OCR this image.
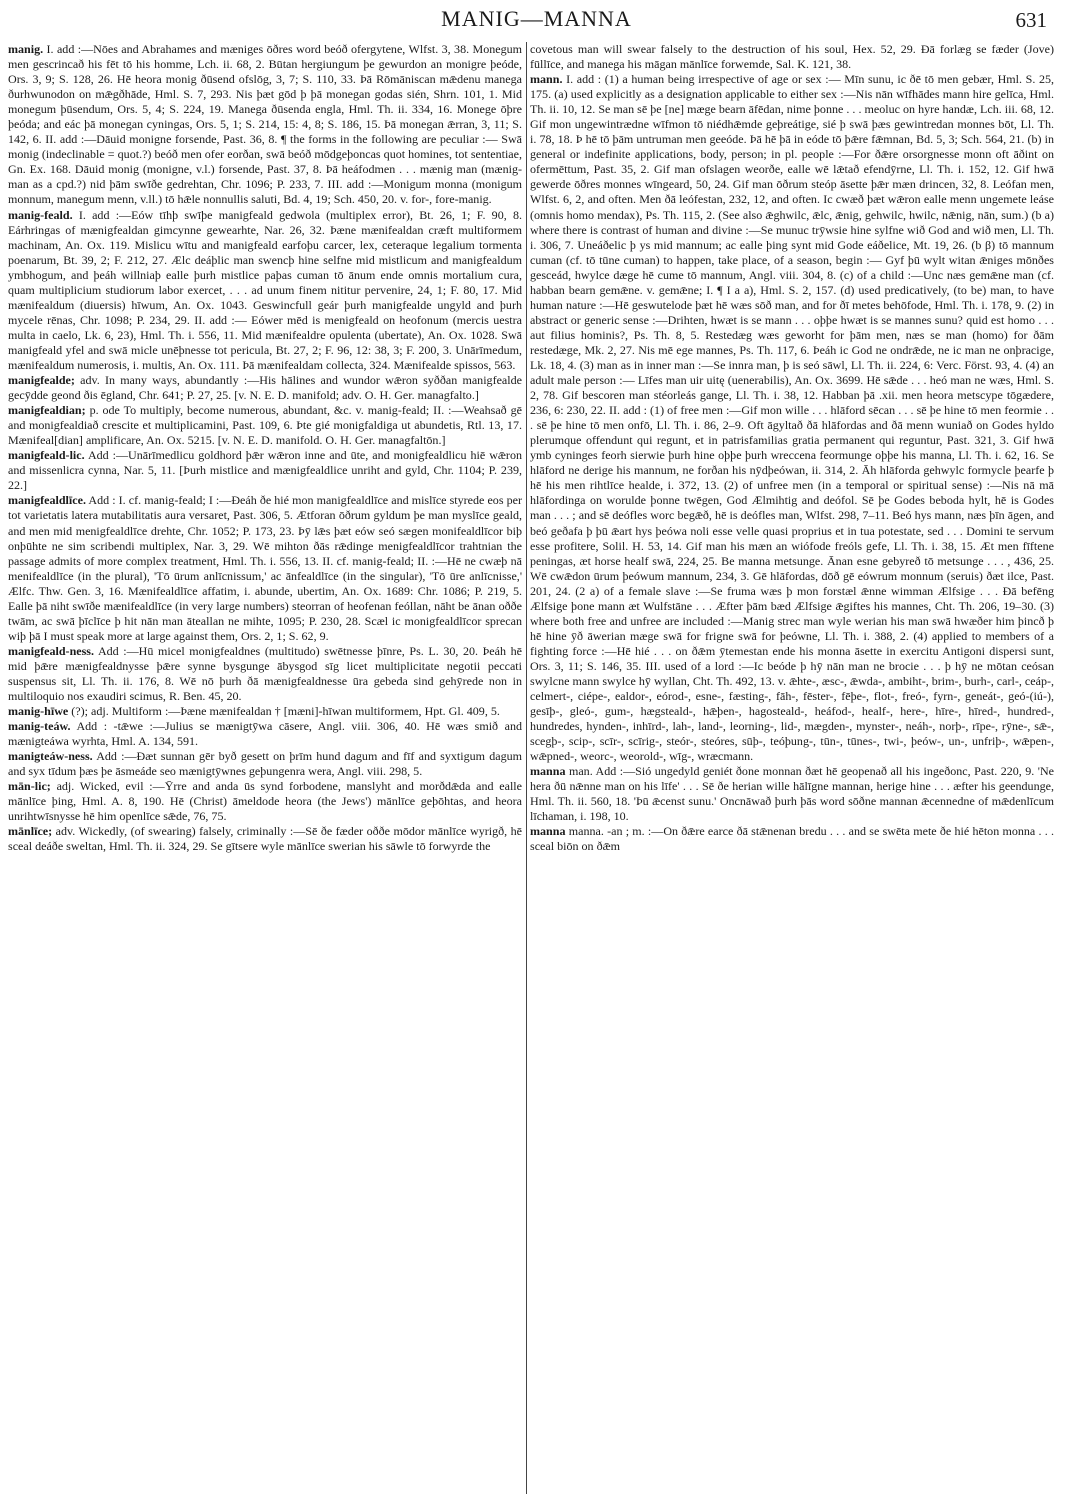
MANIG—MANNA	631

manig. I. add :—Nōes and Abrahames and mæniges ōðres word beóð ofergytene, Wlfst. 3, 38. Monegum men gescrincað his fēt tō his homme, Lch. ii. 68, 2. Būtan hergiungum þe gewurdon an monigre þeóde, Ors. 3, 9; S. 128, 26. Hē heora monig ðūsend ofslōg, 3, 7; S. 110, 33. Þā Rōmāniscan mǣdenu manega ðurhwunodon on mǣgðhāde, Hml. S. 7, 293. Nis þæt gōd þ þā monegan godas sién, Shrn. 101, 1. Mid monegum þūsendum, Ors. 5, 4; S. 224, 19. Manega ðūsenda engla, Hml. Th. ii. 334, 16. Monege ōþre þeóda; and eác þā monegan cyningas, Ors. 5, 1; S. 214, 15: 4, 8; S. 186, 15. Þā monegan ǣrran, 3, 11; S. 142, 6. II. add :—Dāuid monigne forsende, Past. 36, 8. ¶ the forms in the following are peculiar :— Swā monig (indeclinable = quot.?) beóð men ofer eorðan, swā beóð mōdgeþoncas quot homines, tot sententiae, Gn. Ex. 168. Dāuid monig (monigne, v.l.) forsende, Past. 37, 8. Þā heáfodmen . . . mænig man (mænig-man as a cpd.?) nid þām swīðe gedrehtan, Chr. 1096; P. 233, 7. III. add :—Monigum monna (monigum monnum, manegum menn, v.ll.) tō hǣle nonnullis saluti, Bd. 4, 19; Sch. 450, 20. v. for-, fore-manig.

manig-feald. I. add :—Eów tīhþ swīþe manigfeald gedwola (multiplex error), Bt. 26, 1; F. 90, 8. Eárhringas of mænigfealdan gimcynne gewearhte, Nar. 26, 32. Þæne mænifealdan cræft multiformem machinam, An. Ox. 119. Mislicu wītu and manigfeald earfoþu carcer, lex, ceteraque legalium tormenta poenarum, Bt. 39, 2; F. 212, 27. Ælc deáþlic man swencþ hine selfne mid mistlicum and manigfealdum ymbhogum, and þeáh willniaþ ealle þurh mistlice paþas cuman tō ānum ende omnis mortalium cura, quam multiplicium studiorum labor exercet, . . . ad unum finem nititur pervenire, 24, 1; F. 80, 17. Mid mænifealdum (diuersis) hīwum, An. Ox. 1043. Geswincfull geár þurh manigfealde ungyld and þurh mycele rēnas, Chr. 1098; P. 234, 29. II. add :— Eówer mēd is menigfeald on heofonum (mercis uestra multa in caelo, Lk. 6, 23), Hml. Th. i. 556, 11. Mid mænifealdre opulenta (ubertate), An. Ox. 1028. Swā manigfeald yfel and swā micle unēþnesse tot pericula, Bt. 27, 2; F. 96, 12: 38, 3; F. 200, 3. Unārīmedum, mænifealdum numerosis, i. multis, An. Ox. 111. Þā mænifealdam collecta, 324. Mænifealde spissos, 563.

manigfealde; adv. In many ways, abundantly :—His hālines and wundor wǣron syððan manigfealde gecȳdde geond ðis ēgland, Chr. 641; P. 27, 25. [v. N. E. D. manifold; adv. O. H. Ger. managfalto.]

manigfealdian; p. ode To multiply, become numerous, abundant, &c. v. manig-feald; II. :—Weahsað gē and monigfealdiað crescite et multiplicamini, Past. 109, 6. Þte gié monigfaldiga ut abundetis, Rtl. 13, 17. Mænifeal[dian] amplificare, An. Ox. 5215. [v. N. E. D. manifold. O. H. Ger. managfaltōn.]

manigfeald-lic. Add :—Unārīmedlicu goldhord þǣr wǣron inne and ūte, and monigfealdlicu hiē wǣron and missenlicra cynna, Nar. 5, 11. [Þurh mistlice and mænigfealdlice unriht and gyld, Chr. 1104; P. 239, 22.]

manigfealdlīce. Add : I. cf. manig-feald; I :—Ðeáh ðe hié mon manigfealdlīce and mislīce styrede eos per tot varietatis latera mutabilitatis aura versaret, Past. 306, 5. Ætforan ōðrum gyldum þe man myslīce geald, and men mid menigfealdlīce drehte, Chr. 1052; P. 173, 23. Þȳ lǣs þæt eów seó sægen monifealdlīcor biþ onþūhte ne sim scribendi multiplex, Nar. 3, 29. Wē mihton ðās rǣdinge menigfealdlīcor trahtnian the passage admits of more complex treatment, Hml. Th. i. 556, 13. II. cf. manig-feald; II. :—Hē ne cwæþ nā menifealdlīce (in the plural), 'Tō ūrum anlīcnissum,' ac ānfealdlīce (in the singular), 'Tō ūre anlīcnisse,' Ælfc. Thw. Gen. 3, 16. Mænifealdlīce affatim, i. abunde, ubertim, An. Ox. 1689: Chr. 1086; P. 219, 5. Ealle þā niht swīðe mænifealdlīce (in very large numbers) steorran of heofenan feóllan, nāht be ānan oððe twām, ac swā þīclīce þ hit nān man āteallan ne mihte, 1095; P. 230, 28. Scæl ic monigfealdlīcor sprecan wiþ þā I must speak more at large against them, Ors. 2, 1; S. 62, 9.

manigfeald-ness. Add :—Hū micel monigfealdnes (multitudo) swētnesse þīnre, Ps. L. 30, 20. Þeáh hē mid þǣre mænigfealdnysse þǣre synne bysgunge ābysgod sīg licet multiplicitate negotii peccati suspensus sit, Ll. Th. ii. 176, 8. Wē nō þurh ðā mænigfealdnesse ūra gebeda sind gehȳrede non in multiloquio nos exaudiri scimus, R. Ben. 45, 20.

manig-hīwe (?); adj. Multiform :—Þæne mænifealdan † [mæni]-hīwan multiformem, Hpt. Gl. 409, 5.

manig-teáw. Add : -tǣwe :—Julius se mænigtȳwa cāsere, Angl. viii. 306, 40. Hē wæs smið and mænigteáwa wyrhta, Hml. A. 134, 591.

manigteáw-ness. Add :—Ðæt sunnan gēr byð gesett on þrīm hund dagum and fīf and syxtigum dagum and syx tīdum þæs þe āsmeáde seo mænigtȳwnes geþungenra wera, Angl. viii. 298, 5.

mān-lic; adj. Wicked, evil :—Ȳrre and anda ūs synd forbodene, manslyht and morðdǣda and ealle mānlīce þing, Hml. A. 8, 190. Hē (Christ) āmeldode heora (the Jews') mānlīce geþōhtas, and heora unrihtwīsnysse hē him openlīce sǣde, 76, 75.

mānlīce; adv. Wickedly, (of swearing) falsely, criminally :—Sē ðe fæder oððe mōdor mānlīce wyrigð, hē sceal deáðe sweltan, Hml. Th. ii. 324, 29. Se gītsere wyle mānlīce swerian his sāwle tō forwyrde the

covetous man will swear falsely to the destruction of his soul, Hex. 52, 29. Ðā forlæg se fæder (Jove) fūllīce, and manega his māgan mānlīce forwemde, Sal. K. 121, 38.

mann. I. add : (1) a human being irrespective of age or sex :— Mīn sunu, ic ðē tō men gebær, Hml. S. 25, 175. (a) used explicitly as a designation applicable to either sex :—Nis nān wīfhādes mann hire gelīca, Hml. Th. ii. 10, 12. Se man sē þe [ne] mæge bearn āfēdan, nime þonne . . . meoluc on hyre handæ, Lch. iii. 68, 12. Gif mon ungewintrædne wīfmon tō niédhǣmde geþreátige, sié þ swā þæs gewintredan monnes bōt, Ll. Th. i. 78, 18. Þ hē tō þām untruman men geeóde. Þā hē þā in eóde tō þǣre fǣmnan, Bd. 5, 3; Sch. 564, 21. (b) in general or indefinite applications, body, person; in pl. people :—For ðǣre orsorgnesse monn oft āðint on ofermēttum, Past. 35, 2. Gif man ofslagen weorðe, ealle wē lǣtað efendȳrne, Ll. Th. i. 152, 12. Gif hwā gewerde ōðres monnes wīngeard, 50, 24. Gif man ōðrum steóp āsette þǣr mæn drincen, 32, 8. Leófan men, Wlfst. 6, 2, and often. Men ðā leófestan, 232, 12, and often. Ic cwæð þæt wǣron ealle menn ungemete leáse (omnis homo mendax), Ps. Th. 115, 2. (See also ǣghwilc, ǣlc, ǣnig, gehwilc, hwilc, nǣnig, nān, sum.) (b a) where there is contrast of human and divine :—Se munuc trȳwsie hine sylfne wið God and wið men, Ll. Th. i. 306, 7. Uneáðelic þ ys mid mannum; ac ealle þing synt mid Gode eáðelice, Mt. 19, 26. (b β) tō mannum cuman (cf. tō tūne cuman) to happen, take place, of a season, begin :— Gyf þū wylt witan ǣniges mōnðes gesceád, hwylce dæge hē cume tō mannum, Angl. viii. 304, 8. (c) of a child :—Unc næs gemǣne man (cf. habban bearn gemǣne. v. gemǣne; I. ¶ I a a), Hml. S. 2, 157. (d) used predicatively, (to be) man, to have human nature :—Hē geswutelode þæt hē wæs sōð man, and for ðī metes behōfode, Hml. Th. i. 178, 9. (2) in abstract or generic sense :—Drihten, hwæt is se mann . . . oþþe hwæt is se mannes sunu? quid est homo . . . aut filius hominis?, Ps. Th. 8, 5. Restedæg wæs geworht for þām men, næs se man (homo) for ðām restedæge, Mk. 2, 27. Nis mē ege mannes, Ps. Th. 117, 6. Þeáh ic God ne ondrǣde, ne ic man ne onþracige, Lk. 18, 4. (3) man as in inner man :—Se innra man, þ is seó sāwl, Ll. Th. ii. 224, 6: Verc. Först. 93, 4. (4) an adult male person :— Līfes man uir uitę (uenerabilis), An. Ox. 3699. Hē sǣde . . . heó man ne wæs, Hml. S. 2, 78. Gif bescoren man stéorleás gange, Ll. Th. i. 38, 12. Habban þā .xii. men heora metscype tōgædere, 236, 6: 230, 22. II. add : (1) of free men :—Gif mon wille . . . hlāford sēcan . . . sē þe hine tō men feormie . . . sē þe hine tō men onfō, Ll. Th. i. 86, 2–9. Oft āgyltað ðā hlāfordas and ðā menn wuniað on Godes hyldo plerumque offendunt qui regunt, et in patrisfamilias gratia permanent qui reguntur, Past. 321, 3. Gif hwā ymb cyninges feorh sierwie þurh hine oþþe þurh wreccena feormunge oþþe his manna, Ll. Th. i. 62, 16. Se hlāford ne derige his mannum, ne forðan his nȳdþeówan, ii. 314, 2. Āh hlāforda gehwylc formycle þearfe þ hē his men rihtlīce healde, i. 372, 13. (2) of unfree men (in a temporal or spiritual sense) :—Nis nā mā hlāfordinga on worulde þonne twēgen, God Ælmihtig and deófol. Sē þe Godes beboda hylt, hē is Godes man . . . ; and sē deófles worc begǣð, hē is deófles man, Wlfst. 298, 7–11. Beó hys mann, næs þīn āgen, and beó geðafa þ þū ǣart hys þeówa noli esse velle quasi proprius et in tua potestate, sed . . . Domini te servum esse profitere, Solil. H. 53, 14. Gif man his mæn an wiófode freóls gefe, Ll. Th. i. 38, 15. Æt men fīftene peningas, æt horse healf swā, 224, 25. Be manna metsunge. Ānan esne gebyreð tō metsunge . . . , 436, 25. Wē cwǣdon ūrum þeówum mannum, 234, 3. Gē hlāfordas, dōð gē eówrum monnum (seruis) ðæt ilce, Past. 201, 24. (2 a) of a female slave :—Se fruma wæs þ mon forstæl ǣnne wimman Ælfsige . . . Ðā befēng Ælfsige þone mann æt Wulfstāne . . . Æfter þām bæd Ælfsige ǣgiftes his mannes, Cht. Th. 206, 19–30. (3) where both free and unfree are included :—Manig strec man wyle werian his man swā hwæðer him þincð þ hē hine ȳð āwerian mæge swā for frigne swā for þeówne, Ll. Th. i. 388, 2. (4) applied to members of a fighting force :—Hē hié . . . on ðǣm ȳtemestan ende his monna āsette in exercitu Antigoni dispersi sunt, Ors. 3, 11; S. 146, 35. III. used of a lord :—Ic beóde þ hȳ nān man ne brocie . . . þ hȳ ne mōtan ceósan swylcne mann swylce hȳ wyllan, Cht. Th. 492, 13. v. ǣhte-, æsc-, ǣwda-, ambiht-, brim-, burh-, carl-, ceáp-, celmert-, ciépe-, ealdor-, eórod-, esne-, fæsting-, fāh-, fēster-, fēþe-, flot-, freó-, fyrn-, geneát-, geó-(iú-), gesīþ-, gleó-, gum-, hægsteald-, hǣþen-, hagosteald-, heáfod-, healf-, here-, hīre-, hīred-, hundred-, hundredes, hynden-, inhīrd-, lah-, land-, leorning-, lid-, mægden-, mynster-, neáh-, norþ-, rīpe-, rȳne-, sǣ-, scegþ-, scip-, scīr-, scīrig-, steór-, steóres, sūþ-, teóþung-, tūn-, tūnes-, twi-, þeów-, un-, unfriþ-, wǣpen-, wǣpned-, weorc-, weorold-, wīg-, wræcmann.

manna man. Add :—Sió ungedyld geniét ðone monnan ðæt hē geopenað all his ingeðonc, Past. 220, 9. 'Ne hera ðū nǣnne man on his līfe' . . . Sē ðe herian wille hālīgne mannan, herige hine . . . æfter his geendunge, Hml. Th. ii. 560, 18. 'Þū ǣcenst sunu.' Oncnāwað þurh þās word sōðne mannan ǣcennedne of mǣdenlīcum līchaman, i. 198, 10.

manna manna. -an ; m. :—On ðǣre earce ðā stǣnenan bredu . . . and se swēta mete ðe hié hēton monna . . . sceal biōn on ðǣm
